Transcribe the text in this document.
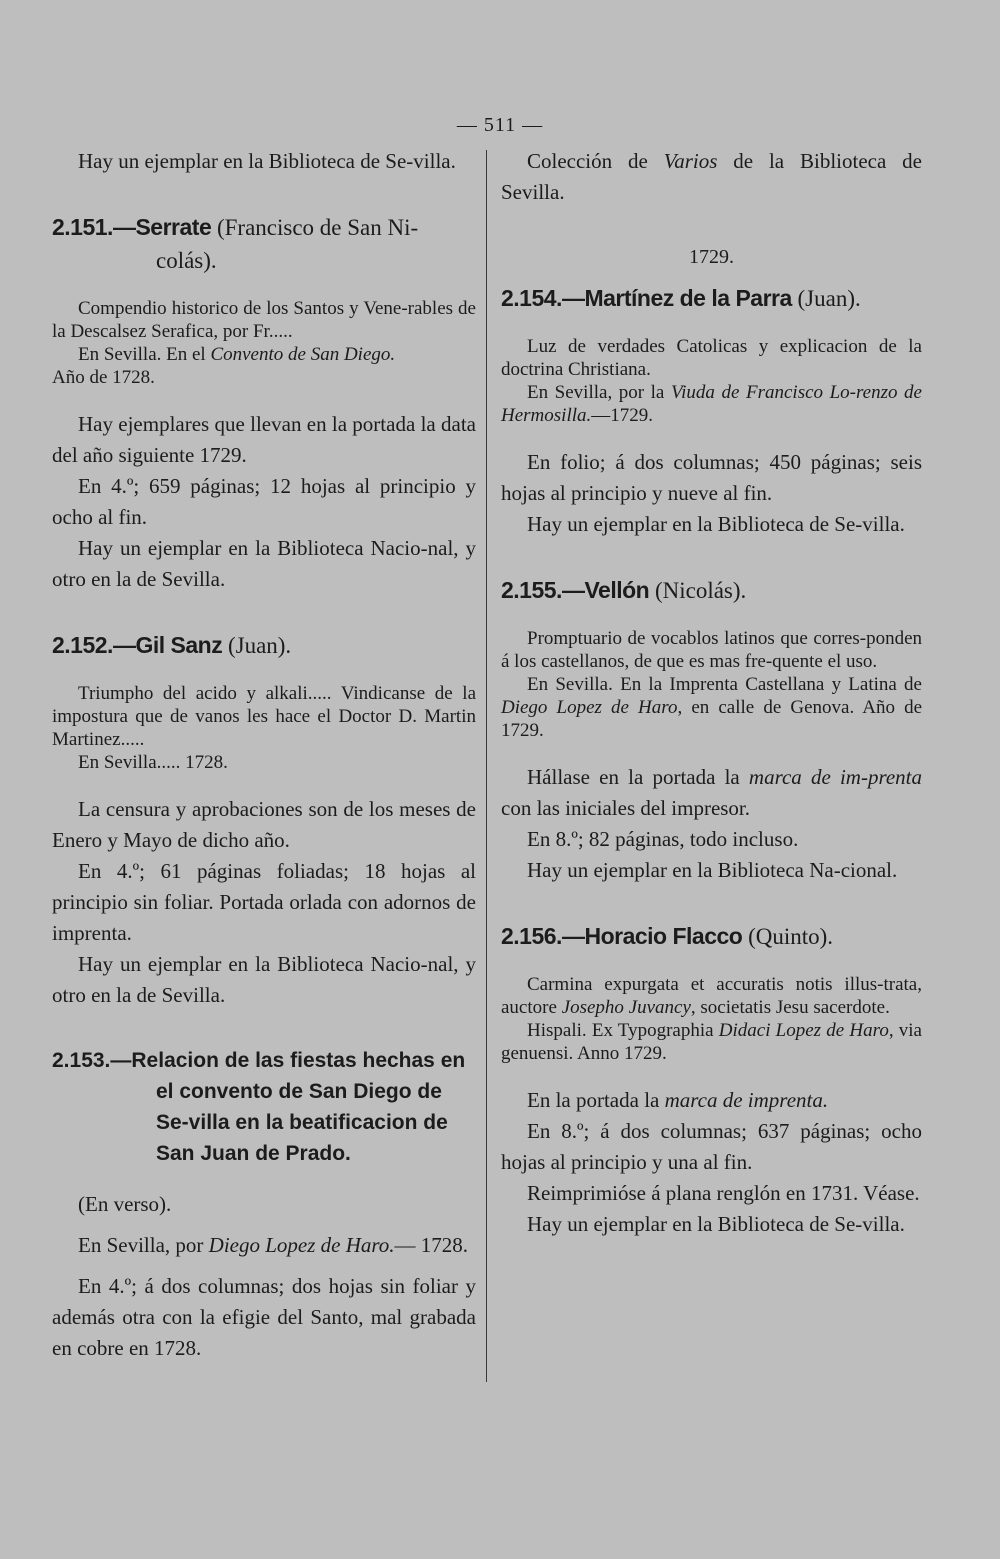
— 511 —

Hay un ejemplar en la Biblioteca de Se-villa.

2.151.—Serrate (Francisco de San Ni-colás).

Compendio historico de los Santos y Vene-rables de la Descalsez Serafica, por Fr.....

En Sevilla. En el Convento de San Diego.

Año de 1728.

Hay ejemplares que llevan en la portada la data del año siguiente 1729.

En 4.º; 659 páginas; 12 hojas al principio y ocho al fin.

Hay un ejemplar en la Biblioteca Nacio-nal, y otro en la de Sevilla.

2.152.—Gil Sanz (Juan).

Triumpho del acido y alkali..... Vindicanse de la impostura que de vanos les hace el Doctor D. Martin Martinez.....

En Sevilla..... 1728.

La censura y aprobaciones son de los meses de Enero y Mayo de dicho año.

En 4.º; 61 páginas foliadas; 18 hojas al principio sin foliar. Portada orlada con adornos de imprenta.

Hay un ejemplar en la Biblioteca Nacio-nal, y otro en la de Sevilla.

2.153.—Relacion de las fiestas hechas en el convento de San Diego de Se-villa en la beatificacion de San Juan de Prado.

(En verso).

En Sevilla, por Diego Lopez de Haro.— 1728.

En 4.º; á dos columnas; dos hojas sin foliar y además otra con la efigie del Santo, mal grabada en cobre en 1728.

Colección de Varios de la Biblioteca de Sevilla.

1729.

2.154.—Martínez de la Parra (Juan).

Luz de verdades Catolicas y explicacion de la doctrina Christiana.

En Sevilla, por la Viuda de Francisco Lo-renzo de Hermosilla.—1729.

En folio; á dos columnas; 450 páginas; seis hojas al principio y nueve al fin.

Hay un ejemplar en la Biblioteca de Se-villa.

2.155.—Vellón (Nicolás).

Promptuario de vocablos latinos que corres-ponden á los castellanos, de que es mas fre-quente el uso.

En Sevilla. En la Imprenta Castellana y Latina de Diego Lopez de Haro, en calle de Genova. Año de 1729.

Hállase en la portada la marca de im-prenta con las iniciales del impresor.

En 8.º; 82 páginas, todo incluso.

Hay un ejemplar en la Biblioteca Na-cional.

2.156.—Horacio Flacco (Quinto).

Carmina expurgata et accuratis notis illus-trata, auctore Josepho Juvancy, societatis Jesu sacerdote.

Hispali. Ex Typographia Didaci Lopez de Haro, via genuensi. Anno 1729.

En la portada la marca de imprenta.

En 8.º; á dos columnas; 637 páginas; ocho hojas al principio y una al fin.

Reimprimióse á plana renglón en 1731. Véase.

Hay un ejemplar en la Biblioteca de Se-villa.
